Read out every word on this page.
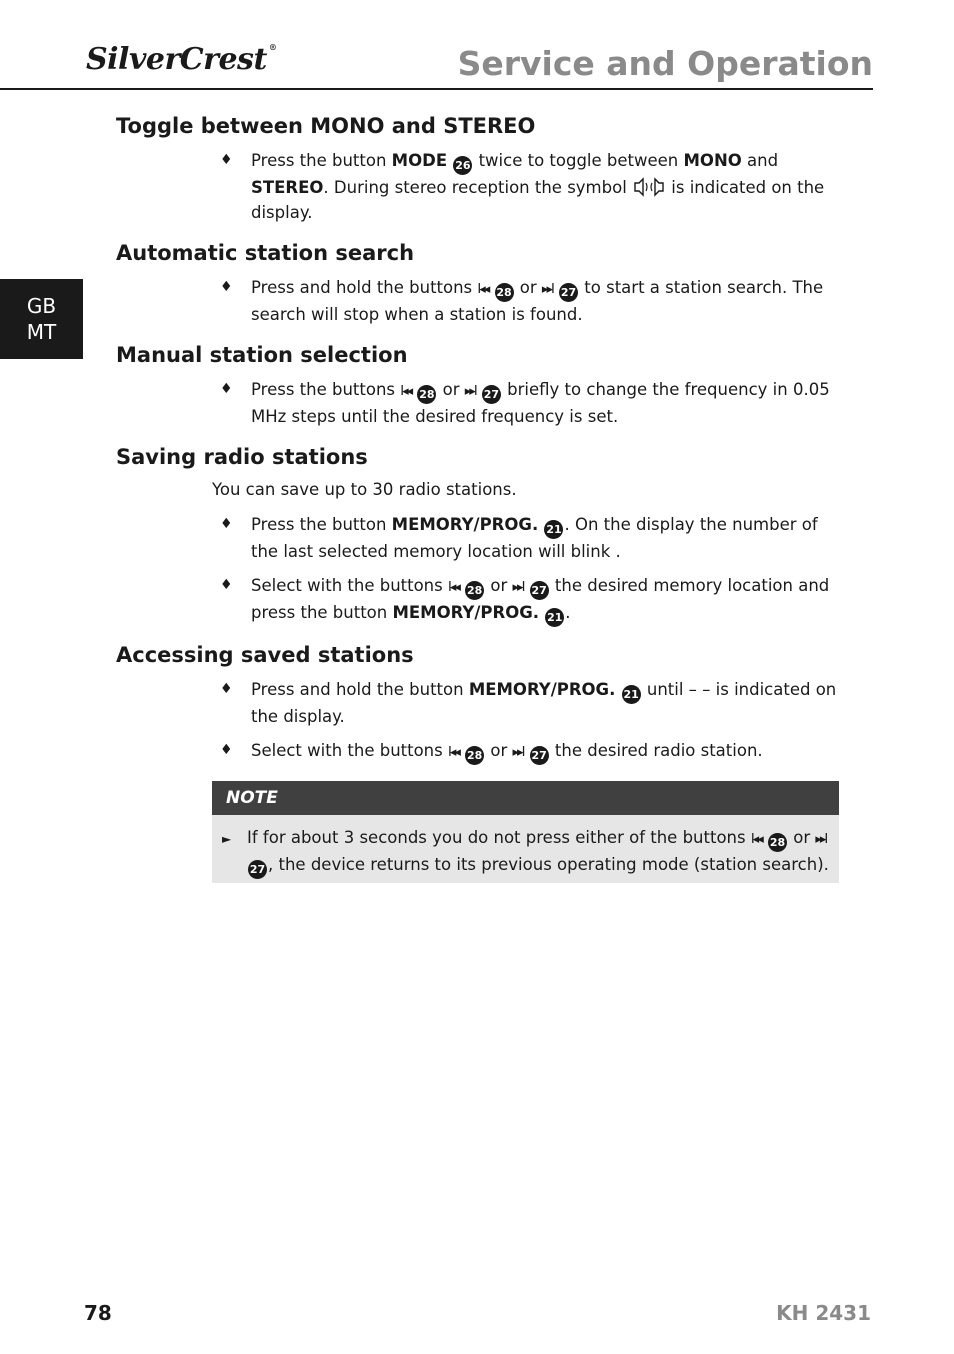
SilverCrest ®	Service and Operation
GB
MT
Toggle between MONO and STEREO
♦ Press the button MODE 26 twice to toggle between MONO and STEREO. During stereo reception the symbol  is indicated on the display.
Automatic station search
♦ Press and hold the buttons I◂◂ 28 or ▸▸I 27 to start a station search. The search will stop when a station is found.
Manual station selection
♦ Press the buttons I◂◂ 28 or ▸▸I 27 briefly to change the frequency in 0.05 MHz steps until the desired frequency is set.
Saving radio stations

You can save up to 30 radio stations.

♦ Press the button MEMORY/PROG. 21 . On the display the number of the last selected memory location will blink .
♦ Select with the buttons I◂◂ 28 or ▸▸I 27 the desired memory location and press the button MEMORY/PROG. 21 .
Accessing saved stations
♦ Press and hold the button MEMORY/PROG. 21 until – – is indicated on the display.
♦ Select with the buttons I◂◂ 28 or ▸▸I 27 the desired radio station.
NOTE
► If for about 3 seconds you do not press either of the buttons I◂◂ 28 or ▸▸I 27 , the device returns to its previous operating mode (station search).
78	KH 2431
